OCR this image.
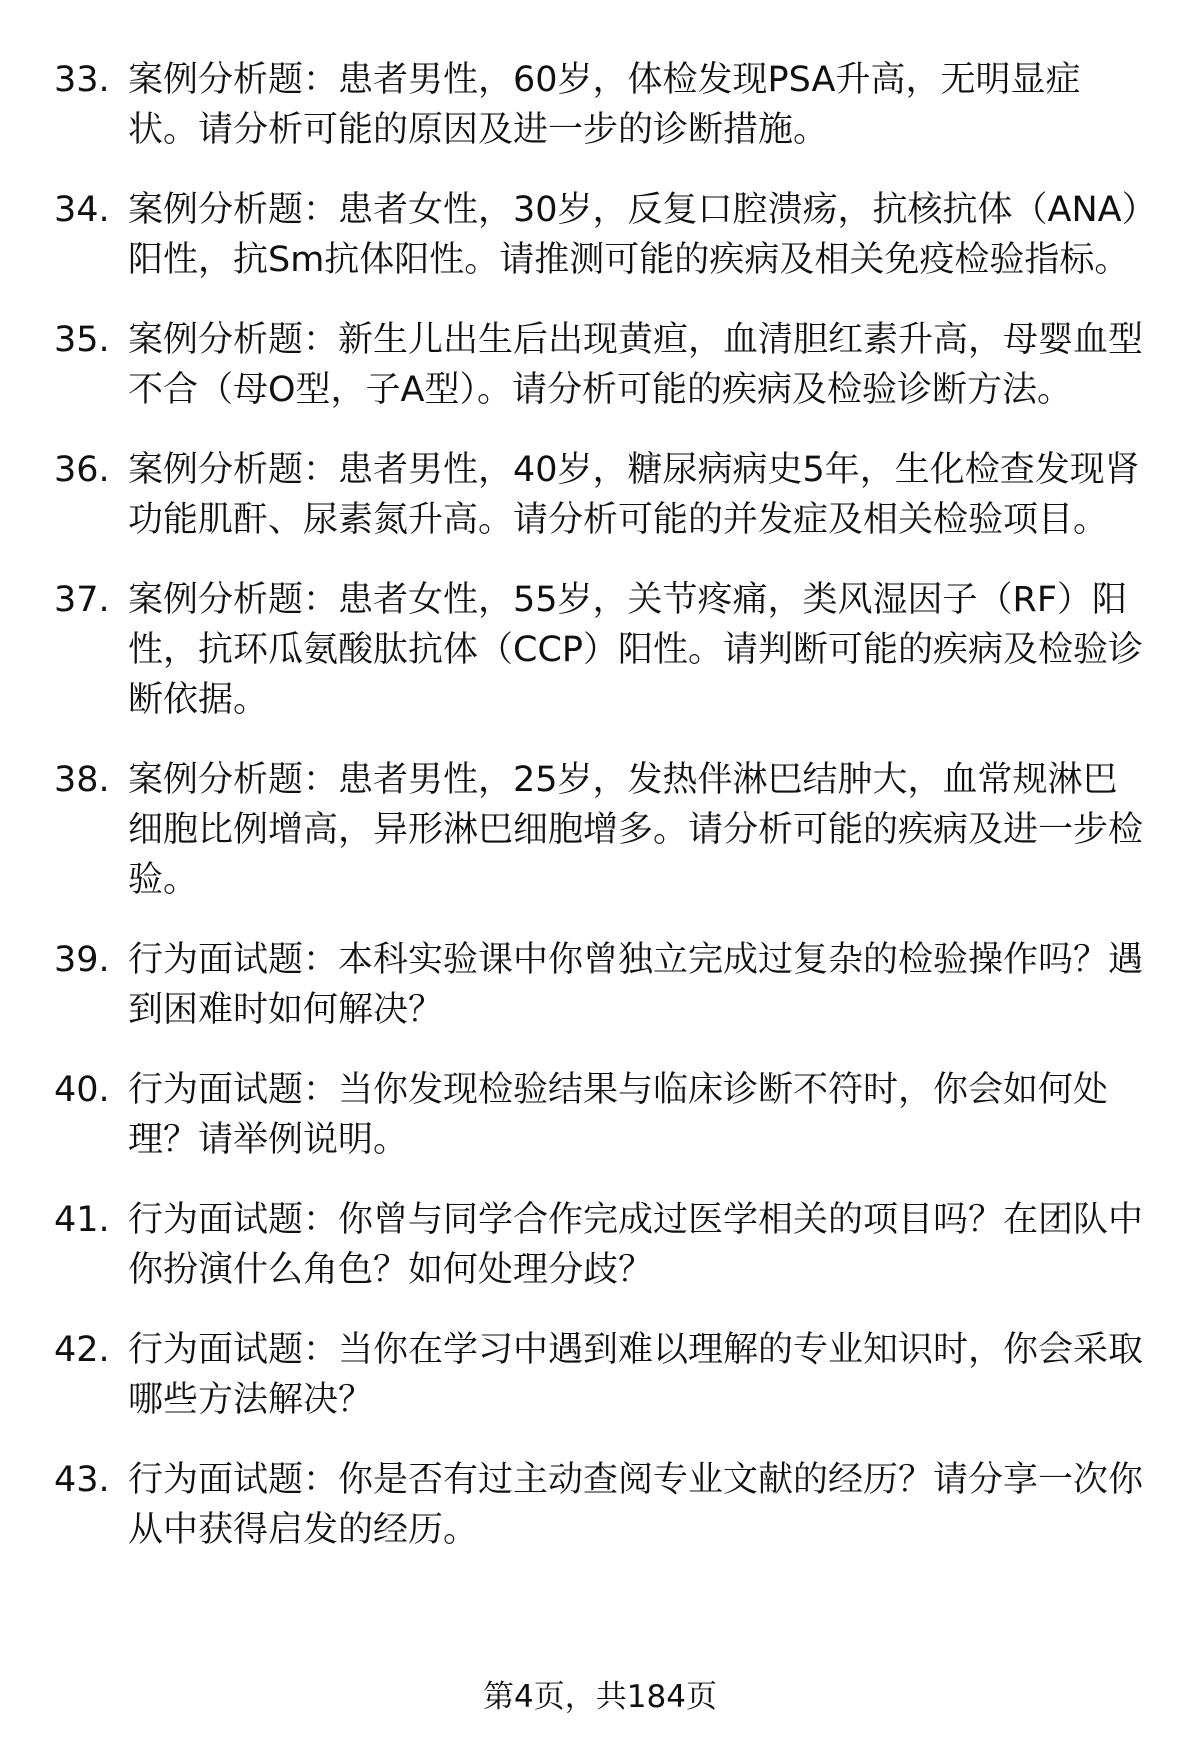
33. 案例分析题：患者男性，60岁，体检发现PSA升高，无明显症状。请分析可能的原因及进一步的诊断措施。
34. 案例分析题：患者女性，30岁，反复口腔溃疡，抗核抗体（ANA）阳性，抗Sm抗体阳性。请推测可能的疾病及相关免疫检验指标。
35. 案例分析题：新生儿出生后出现黄疸，血清胆红素升高，母婴血型不合（母O型，子A型）。请分析可能的疾病及检验诊断方法。
36. 案例分析题：患者男性，40岁，糖尿病病史5年，生化检查发现肾功能肌酐、尿素氮升高。请分析可能的并发症及相关检验项目。
37. 案例分析题：患者女性，55岁，关节疼痛，类风湿因子（RF）阳性，抗环瓜氨酸肽抗体（CCP）阳性。请判断可能的疾病及检验诊断依据。
38. 案例分析题：患者男性，25岁，发热伴淋巴结肿大，血常规淋巴细胞比例增高，异形淋巴细胞增多。请分析可能的疾病及进一步检验。
39. 行为面试题：本科实验课中你曾独立完成过复杂的检验操作吗？遇到困难时如何解决？
40. 行为面试题：当你发现检验结果与临床诊断不符时，你会如何处理？请举例说明。
41. 行为面试题：你曾与同学合作完成过医学相关的项目吗？在团队中你扮演什么角色？如何处理分歧？
42. 行为面试题：当你在学习中遇到难以理解的专业知识时，你会采取哪些方法解决？
43. 行为面试题：你是否有过主动查阅专业文献的经历？请分享一次你从中获得启发的经历。
第4页，共184页
